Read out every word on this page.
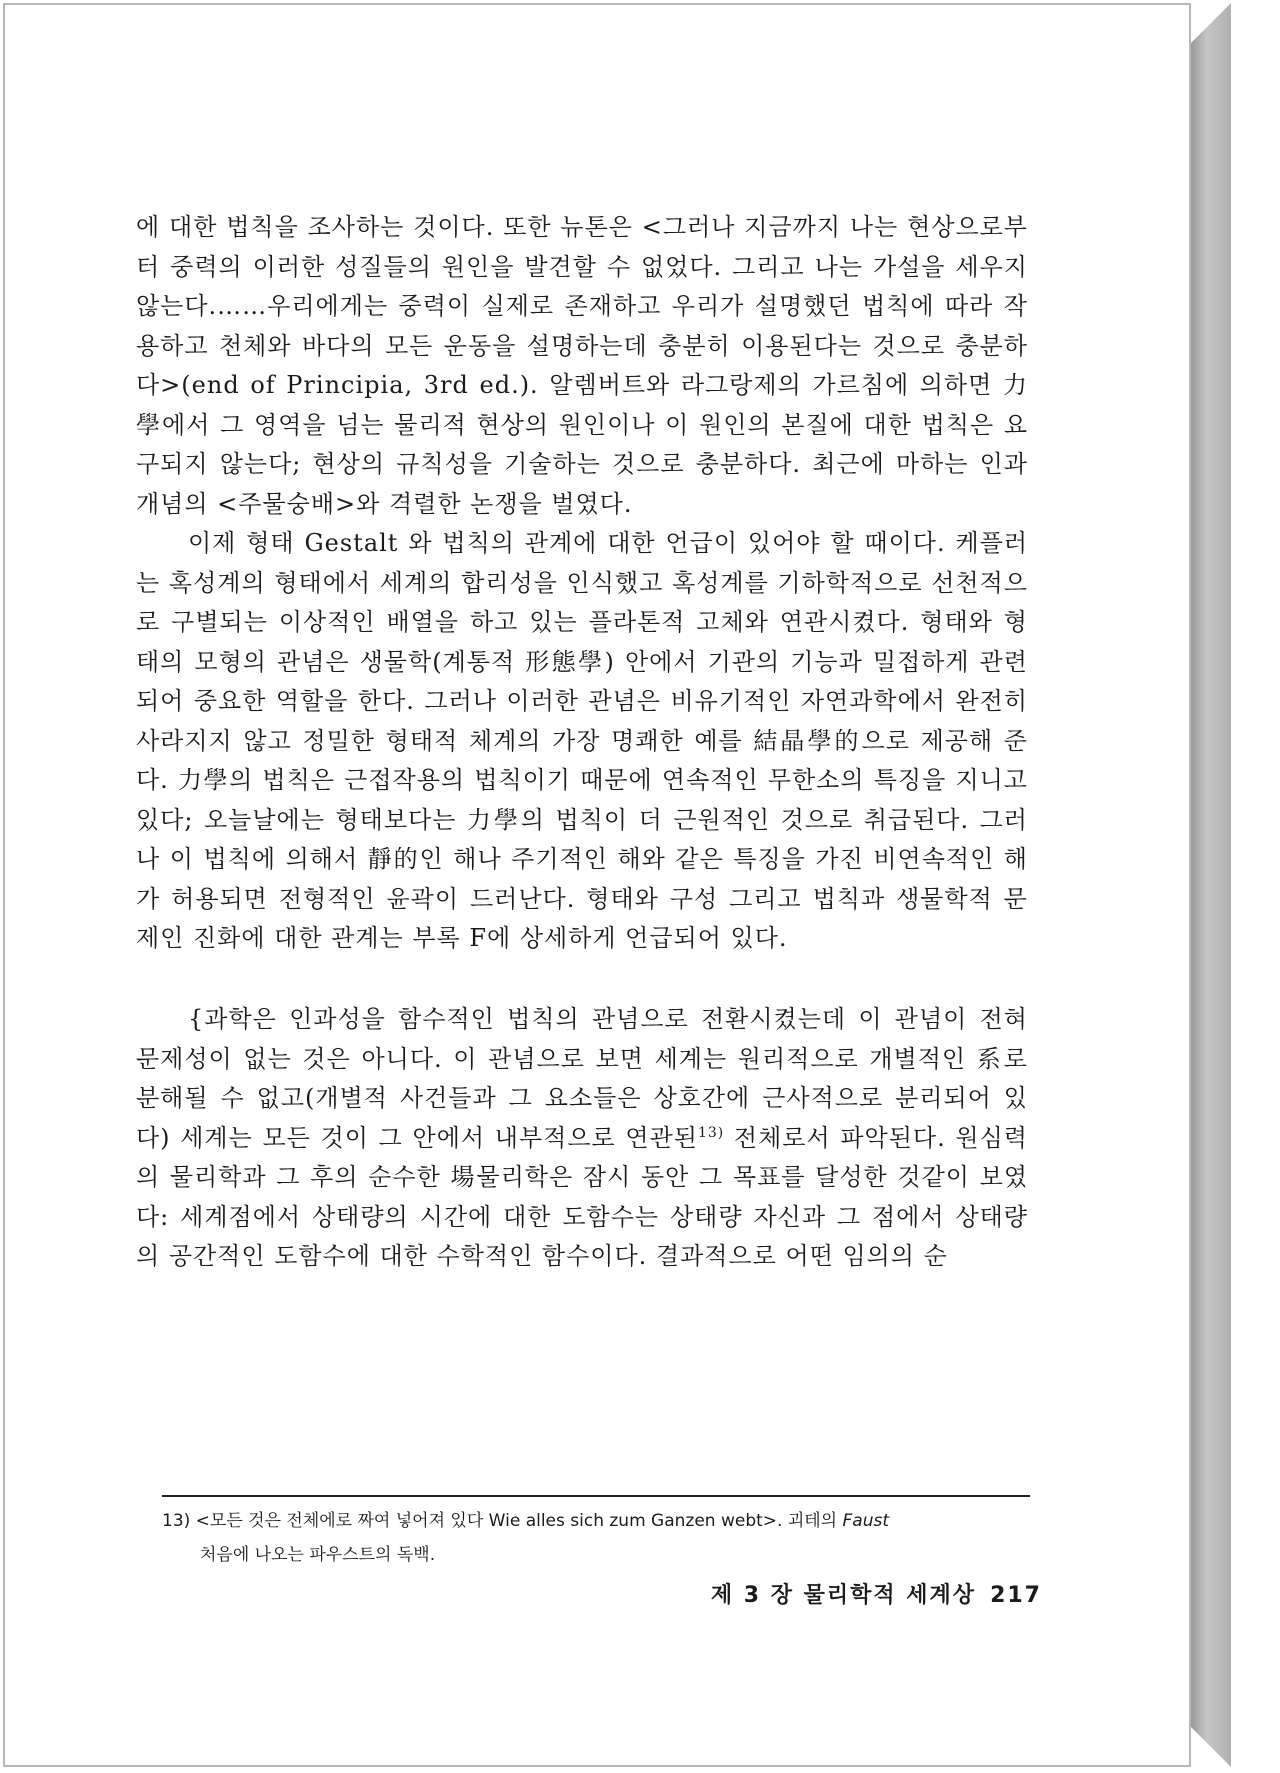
에 대한 법칙을 조사하는 것이다. 또한 뉴톤은 <그러나 지금까지 나는 현상으로부터 중력의 이러한 성질들의 원인을 발견할 수 없었다. 그리고 나는 가설을 세우지 않는다.……우리에게는 중력이 실제로 존재하고 우리가 설명했던 법칙에 따라 작용하고 천체와 바다의 모든 운동을 설명하는데 충분히 이용된다는 것으로 충분하다>(end of Principia, 3rd ed.). 알렘버트와 라그랑제의 가르침에 의하면 力學에서 그 영역을 넘는 물리적 현상의 원인이나 이 원인의 본질에 대한 법칙은 요구되지 않는다; 현상의 규칙성을 기술하는 것으로 충분하다. 최근에 마하는 인과 개념의 <주물숭배>와 격렬한 논쟁을 벌였다.

이제 형태 Gestalt 와 법칙의 관계에 대한 언급이 있어야 할 때이다. 케플러는 혹성계의 형태에서 세계의 합리성을 인식했고 혹성계를 기하학적으로 선천적으로 구별되는 이상적인 배열을 하고 있는 플라톤적 고체와 연관시켰다. 형태와 형태의 모형의 관념은 생물학(계통적 形態學) 안에서 기관의 기능과 밀접하게 관련되어 중요한 역할을 한다. 그러나 이러한 관념은 비유기적인 자연과학에서 완전히 사라지지 않고 정밀한 형태적 체계의 가장 명쾌한 예를 結晶學的으로 제공해 준다. 力學의 법칙은 근접작용의 법칙이기 때문에 연속적인 무한소의 특징을 지니고 있다; 오늘날에는 형태보다는 力學의 법칙이 더 근원적인 것으로 취급된다. 그러나 이 법칙에 의해서 靜的인 해나 주기적인 해와 같은 특징을 가진 비연속적인 해가 허용되면 전형적인 윤곽이 드러난다. 형태와 구성 그리고 법칙과 생물학적 문제인 진화에 대한 관계는 부록 F에 상세하게 언급되어 있다.

{과학은 인과성을 함수적인 법칙의 관념으로 전환시켰는데 이 관념이 전혀 문제성이 없는 것은 아니다. 이 관념으로 보면 세계는 원리적으로 개별적인 系로 분해될 수 없고(개별적 사건들과 그 요소들은 상호간에 근사적으로 분리되어 있다) 세계는 모든 것이 그 안에서 내부적으로 연관된$^{13)}$ 전체로서 파악된다. 원심력의 물리학과 그 후의 순수한 場물리학은 잠시 동안 그 목표를 달성한 것같이 보였다: 세계점에서 상태량의 시간에 대한 도함수는 상태량 자신과 그 점에서 상태량의 공간적인 도함수에 대한 수학적인 함수이다. 결과적으로 어떤 임의의 순

13) <모든 것은 전체에로 짜여 넣어져 있다 Wie alles sich zum Ganzen webt>. 괴테의 Faust

처음에 나오는 파우스트의 독백.

제 3 장 물리학적 세계상 217
